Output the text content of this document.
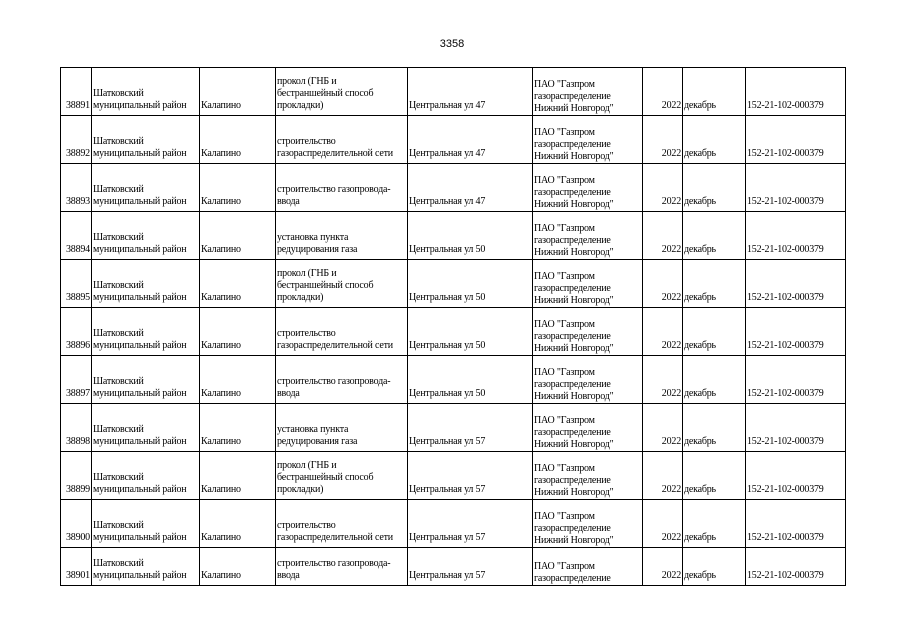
3358
38891	Шатковский
муниципальный район	Калапино	прокол (ГНБ и
бестраншейный способ
прокладки)	Центральная ул 47	ПАО "Газпром
газораспределение
Нижний Новгород"	2022	декабрь	152-21-102-000379
38892	Шатковский
муниципальный район	Калапино	строительство
газораспределительной сети	Центральная ул 47	ПАО "Газпром
газораспределение
Нижний Новгород"	2022	декабрь	152-21-102-000379
38893	Шатковский
муниципальный район	Калапино	строительство газопровода-
ввода	Центральная ул 47	ПАО "Газпром
газораспределение
Нижний Новгород"	2022	декабрь	152-21-102-000379
38894	Шатковский
муниципальный район	Калапино	установка пункта
редуцирования газа	Центральная ул 50	ПАО "Газпром
газораспределение
Нижний Новгород"	2022	декабрь	152-21-102-000379
38895	Шатковский
муниципальный район	Калапино	прокол (ГНБ и
бестраншейный способ
прокладки)	Центральная ул 50	ПАО "Газпром
газораспределение
Нижний Новгород"	2022	декабрь	152-21-102-000379
38896	Шатковский
муниципальный район	Калапино	строительство
газораспределительной сети	Центральная ул 50	ПАО "Газпром
газораспределение
Нижний Новгород"	2022	декабрь	152-21-102-000379
38897	Шатковский
муниципальный район	Калапино	строительство газопровода-
ввода	Центральная ул 50	ПАО "Газпром
газораспределение
Нижний Новгород"	2022	декабрь	152-21-102-000379
38898	Шатковский
муниципальный район	Калапино	установка пункта
редуцирования газа	Центральная ул 57	ПАО "Газпром
газораспределение
Нижний Новгород"	2022	декабрь	152-21-102-000379
38899	Шатковский
муниципальный район	Калапино	прокол (ГНБ и
бестраншейный способ
прокладки)	Центральная ул 57	ПАО "Газпром
газораспределение
Нижний Новгород"	2022	декабрь	152-21-102-000379
38900	Шатковский
муниципальный район	Калапино	строительство
газораспределительной сети	Центральная ул 57	ПАО "Газпром
газораспределение
Нижний Новгород"	2022	декабрь	152-21-102-000379
38901	Шатковский
муниципальный район	Калапино	строительство газопровода-
ввода	Центральная ул 57	ПАО "Газпром
газораспределение	2022	декабрь	152-21-102-000379
